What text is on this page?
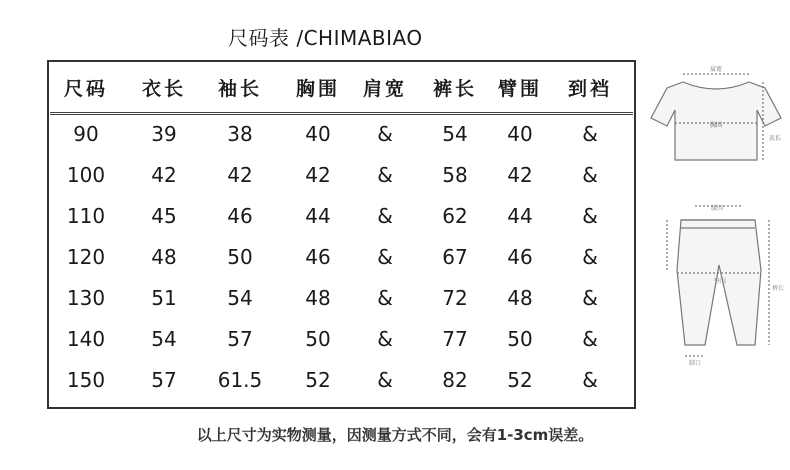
尺码表 /CHIMABIAO
尺码	衣长	袖长	胸围	肩宽	裤长	臂围	到裆
90	39	38	40	&	54	40	&
100	42	42	42	&	58	42	&
110	45	46	44	&	62	44	&
120	48	50	46	&	67	46	&
130	51	54	48	&	72	48	&
140	54	57	50	&	77	50	&
150	57	61.5	52	&	82	52	&
肩宽
胸围
衣长
腰围
臀围
裤长
脚口
以上尺寸为实物测量，因测量方式不同，会有1-3cm误差。
